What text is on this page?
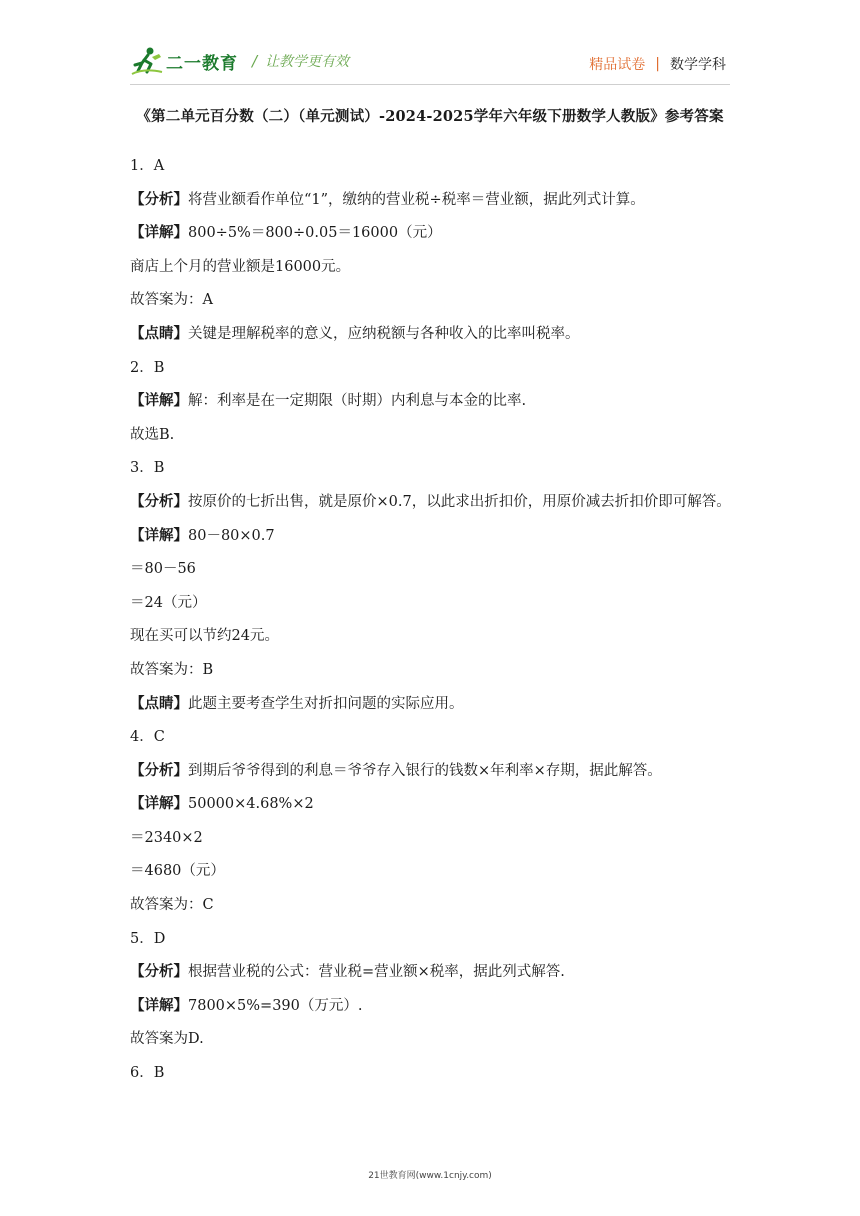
二一教育 / 让教学更有效	精品试卷 | 数学学科
《第二单元百分数（二）（单元测试）-2024-2025学年六年级下册数学人教版》参考答案
1．A
【分析】将营业额看作单位“1”，缴纳的营业税÷税率＝营业额，据此列式计算。
【详解】800÷5%＝800÷0.05＝16000（元）
商店上个月的营业额是16000元。
故答案为：A
【点睛】关键是理解税率的意义，应纳税额与各种收入的比率叫税率。
2．B
【详解】解：利率是在一定期限（时期）内利息与本金的比率.
故选B.
3．B
【分析】按原价的七折出售，就是原价×0.7，以此求出折扣价，用原价减去折扣价即可解答。
【详解】80－80×0.7
＝80－56
＝24（元）
现在买可以节约24元。
故答案为：B
【点睛】此题主要考查学生对折扣问题的实际应用。
4．C
【分析】到期后爷爷得到的利息＝爷爷存入银行的钱数×年利率×存期，据此解答。
【详解】50000×4.68%×2
＝2340×2
＝4680（元）
故答案为：C
5．D
【分析】根据营业税的公式：营业税=营业额×税率，据此列式解答.
【详解】7800×5%=390（万元）.
故答案为D.
6．B
21世教育网(www.1cnjy.com)
